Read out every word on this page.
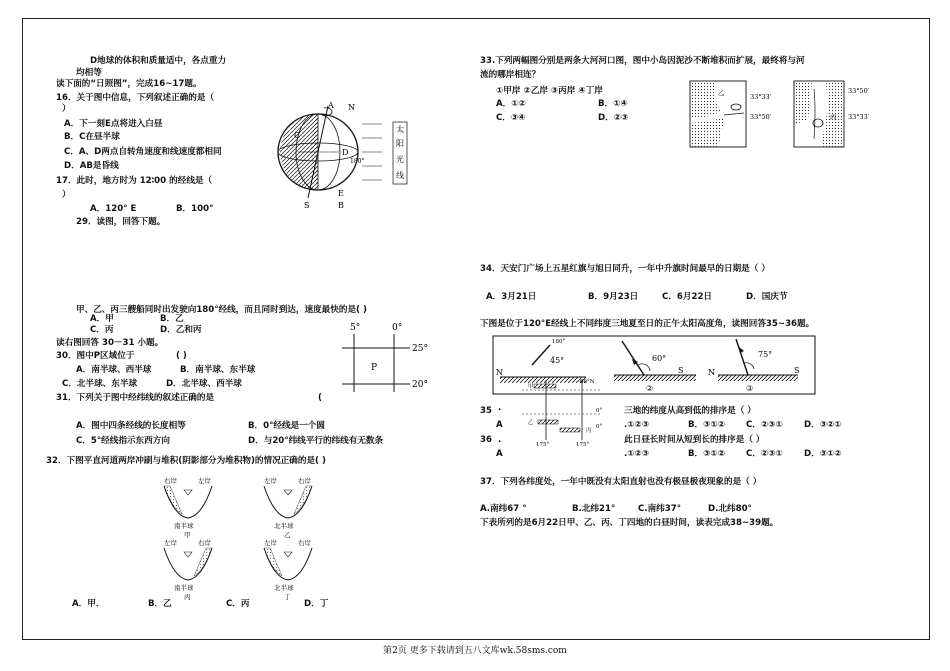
D地球的体积和质量适中，各点重力
均相等
读下面的“日照图”，完成16~17题。
16．关于图中信息，下列叙述正确的是（
）
A．下一刻E点将进入白昼
B．C在昼半球
C．A、D两点自转角速度和线速度都相同
D．AB是昏线
17．此时，地方时为 12∶00 的经线是（
）
A．120° E	B．100°
29．读图，回答下题。
太
阳
光
线
A N
C
D
180°
E
S	B
甲、乙、丙三艘船同时出发驶向180°经线，而且同时到达，速度最快的是( )
A．甲	B．乙
C．丙	D．乙和丙
读右图回答 30－31 小题。
30．图中P区域位于	( )
A．南半球、西半球	B．南半球、东半球
C．北半球、东半球	D．北半球、西半球
5°	0°
25°
20°
P
31．下列关于图中经纬线的叙述正确的是	(
A．图中四条经线的长度相等	B．0°经线是一个圆
C．5°经线指示东西方向	D．与20°纬线平行的纬线有无数条
32．下图平直河道两岸冲刷与堆积(阴影部分为堆积物)的情况正确的是( )
右岸	左岸
南半球
甲
左岸	右岸
北半球
乙
左岸	右岸
南半球
丙
左岸	右岸
北半球
丁
A．甲．	B．乙	C．丙	D．丁
33.下列两幅图分别是两条大河河口图，图中小岛因泥沙不断堆积而扩展，最终将与河
流的哪岸相连？
①甲岸 ②乙岸 ③丙岸 ④丁岸
A．①②	B．①④
C．③④	D．②③
乙	33°33′
33°50′	丙
33°50′
33°33′
34．天安门广场上五星红旗与旭日同升，一年中升旗时间最早的日期是（ ）
A．3月21日	B．9月23日	C．6月22日	D．国庆节
下图是位于120°E经线上不同纬度三地夏至日的正午太阳高度角，读图回答35~36题。
N
45°
60°N
180°
60°
S
②
N
75°
S
③
甲
乙
丙
0°
175°	175°
0°
35 .	三地的纬度从高到低的排序是（ ）
A	.①②③	B．③①② C．②③① D．③②①
36 .	此日昼长时间从短到长的排序是（ ）
A	.①②③	B．③①② C．②③① D．③①②
37．下列各纬度处，一年中既没有太阳直射也没有极昼极夜现象的是（ ）
A.南纬67 °	B.北纬21°	C.南纬37°	D.北纬80°
下表所列的是6月22日甲、乙、丙、丁四地的白昼时间，读表完成38~39题。
第2页 更多下载请到五八文库wk.58sms.com
